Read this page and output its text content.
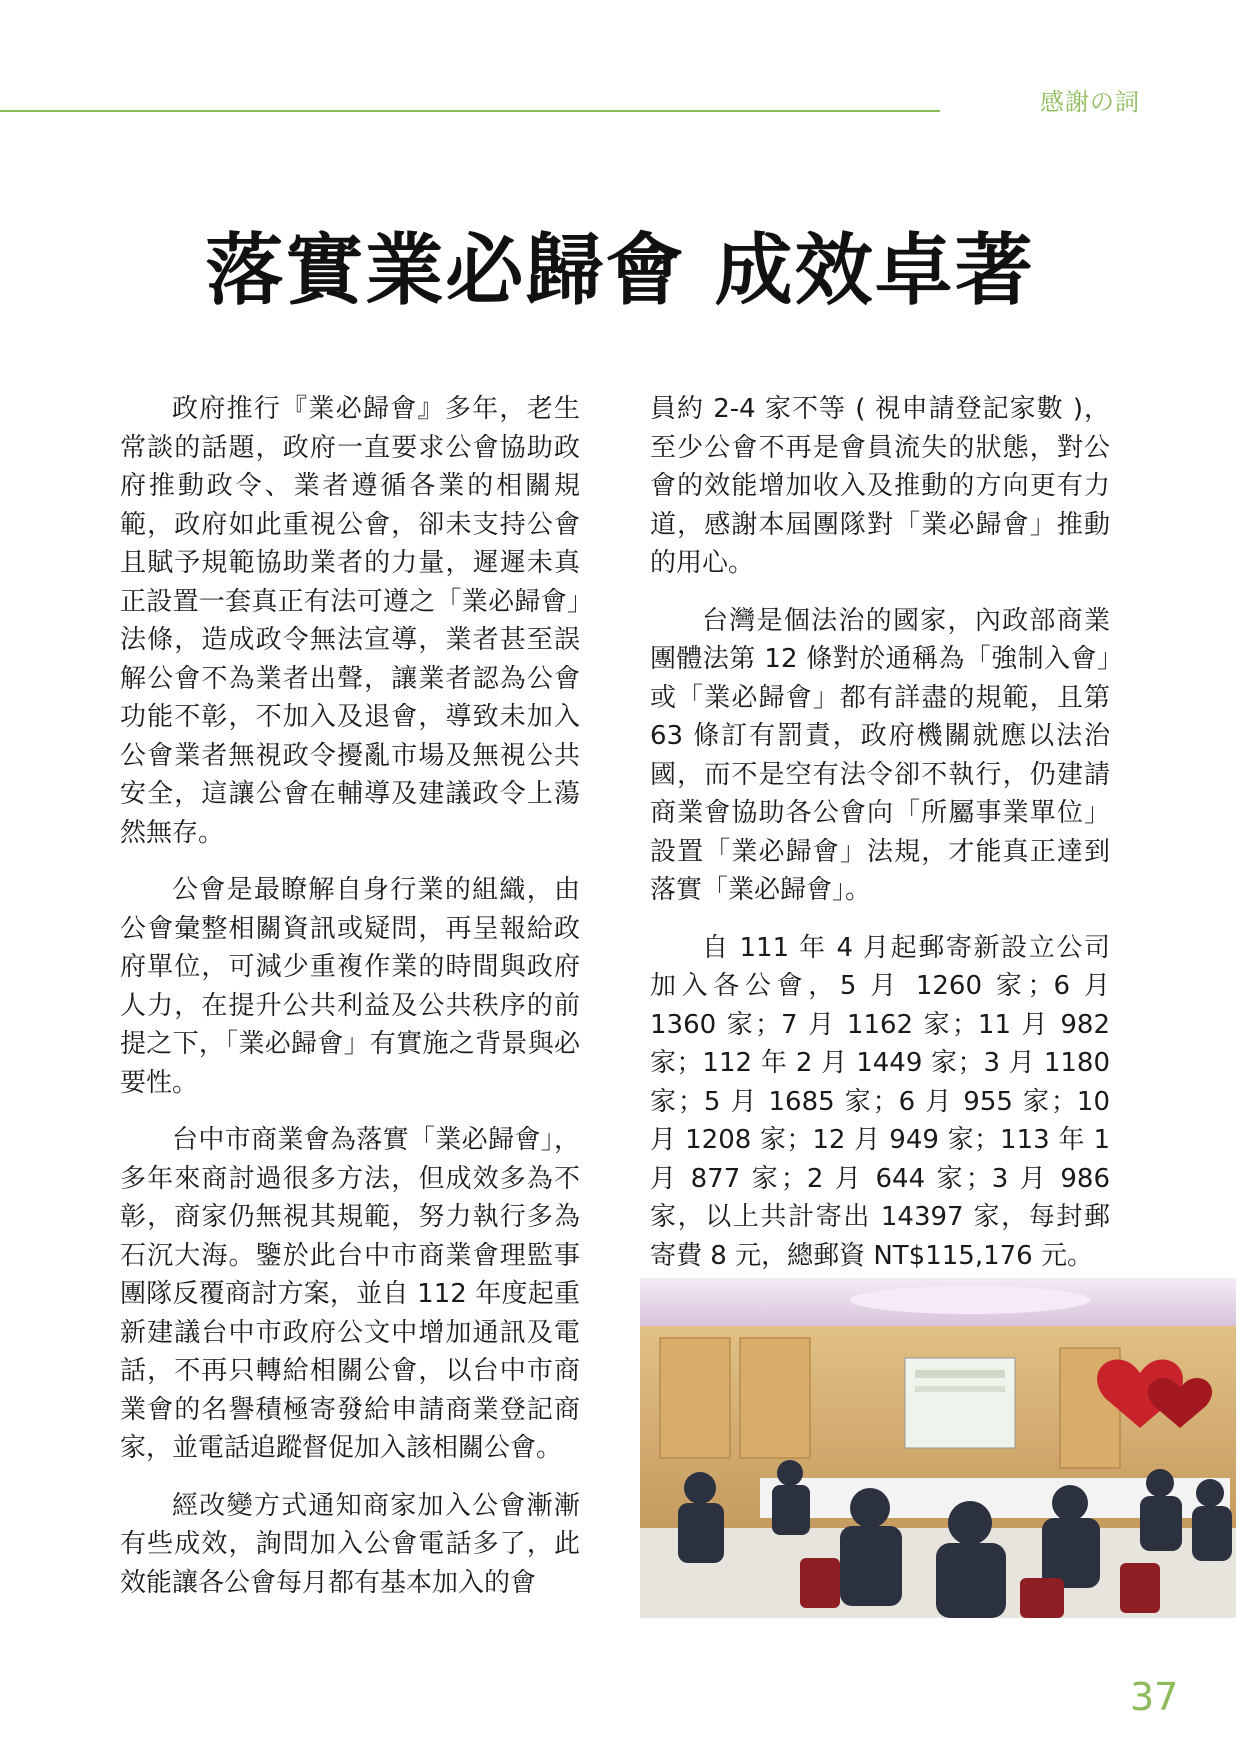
感謝の詞
落實業必歸會 成效卓著

政府推行『業必歸會』多年，老生常談的話題，政府一直要求公會協助政府推動政令、業者遵循各業的相關規範，政府如此重視公會，卻未支持公會且賦予規範協助業者的力量，遲遲未真正設置一套真正有法可遵之「業必歸會」法條，造成政令無法宣導，業者甚至誤解公會不為業者出聲，讓業者認為公會功能不彰，不加入及退會，導致未加入公會業者無視政令擾亂市場及無視公共安全，這讓公會在輔導及建議政令上蕩然無存。

公會是最瞭解自身行業的組織，由公會彙整相關資訊或疑問，再呈報給政府單位，可減少重複作業的時間與政府人力，在提升公共利益及公共秩序的前提之下，「業必歸會」有實施之背景與必要性。

台中市商業會為落實「業必歸會」，多年來商討過很多方法，但成效多為不彰，商家仍無視其規範，努力執行多為石沉大海。鑒於此台中市商業會理監事團隊反覆商討方案，並自 112 年度起重新建議台中市政府公文中增加通訊及電話，不再只轉給相關公會，以台中市商業會的名譽積極寄發給申請商業登記商家，並電話追蹤督促加入該相關公會。

經改變方式通知商家加入公會漸漸有些成效，詢問加入公會電話多了，此效能讓各公會每月都有基本加入的會

員約 2-4 家不等 ( 視申請登記家數 )，至少公會不再是會員流失的狀態，對公會的效能增加收入及推動的方向更有力道，感謝本屆團隊對「業必歸會」推動的用心。

台灣是個法治的國家，內政部商業團體法第 12 條對於通稱為「強制入會」或「業必歸會」都有詳盡的規範，且第 63 條訂有罰責，政府機關就應以法治國，而不是空有法令卻不執行，仍建請商業會協助各公會向「所屬事業單位」設置「業必歸會」法規，才能真正達到落實「業必歸會」。

自 111 年 4 月起郵寄新設立公司加入各公會，5 月 1260 家；6 月 1360 家；7 月 1162 家；11 月 982 家；112 年 2 月 1449 家；3 月 1180 家；5 月 1685 家；6 月 955 家；10 月 1208 家；12 月 949 家；113 年 1 月 877 家；2 月 644 家；3 月 986 家，以上共計寄出 14397 家，每封郵寄費 8 元，總郵資 NT$115,176 元。

37
